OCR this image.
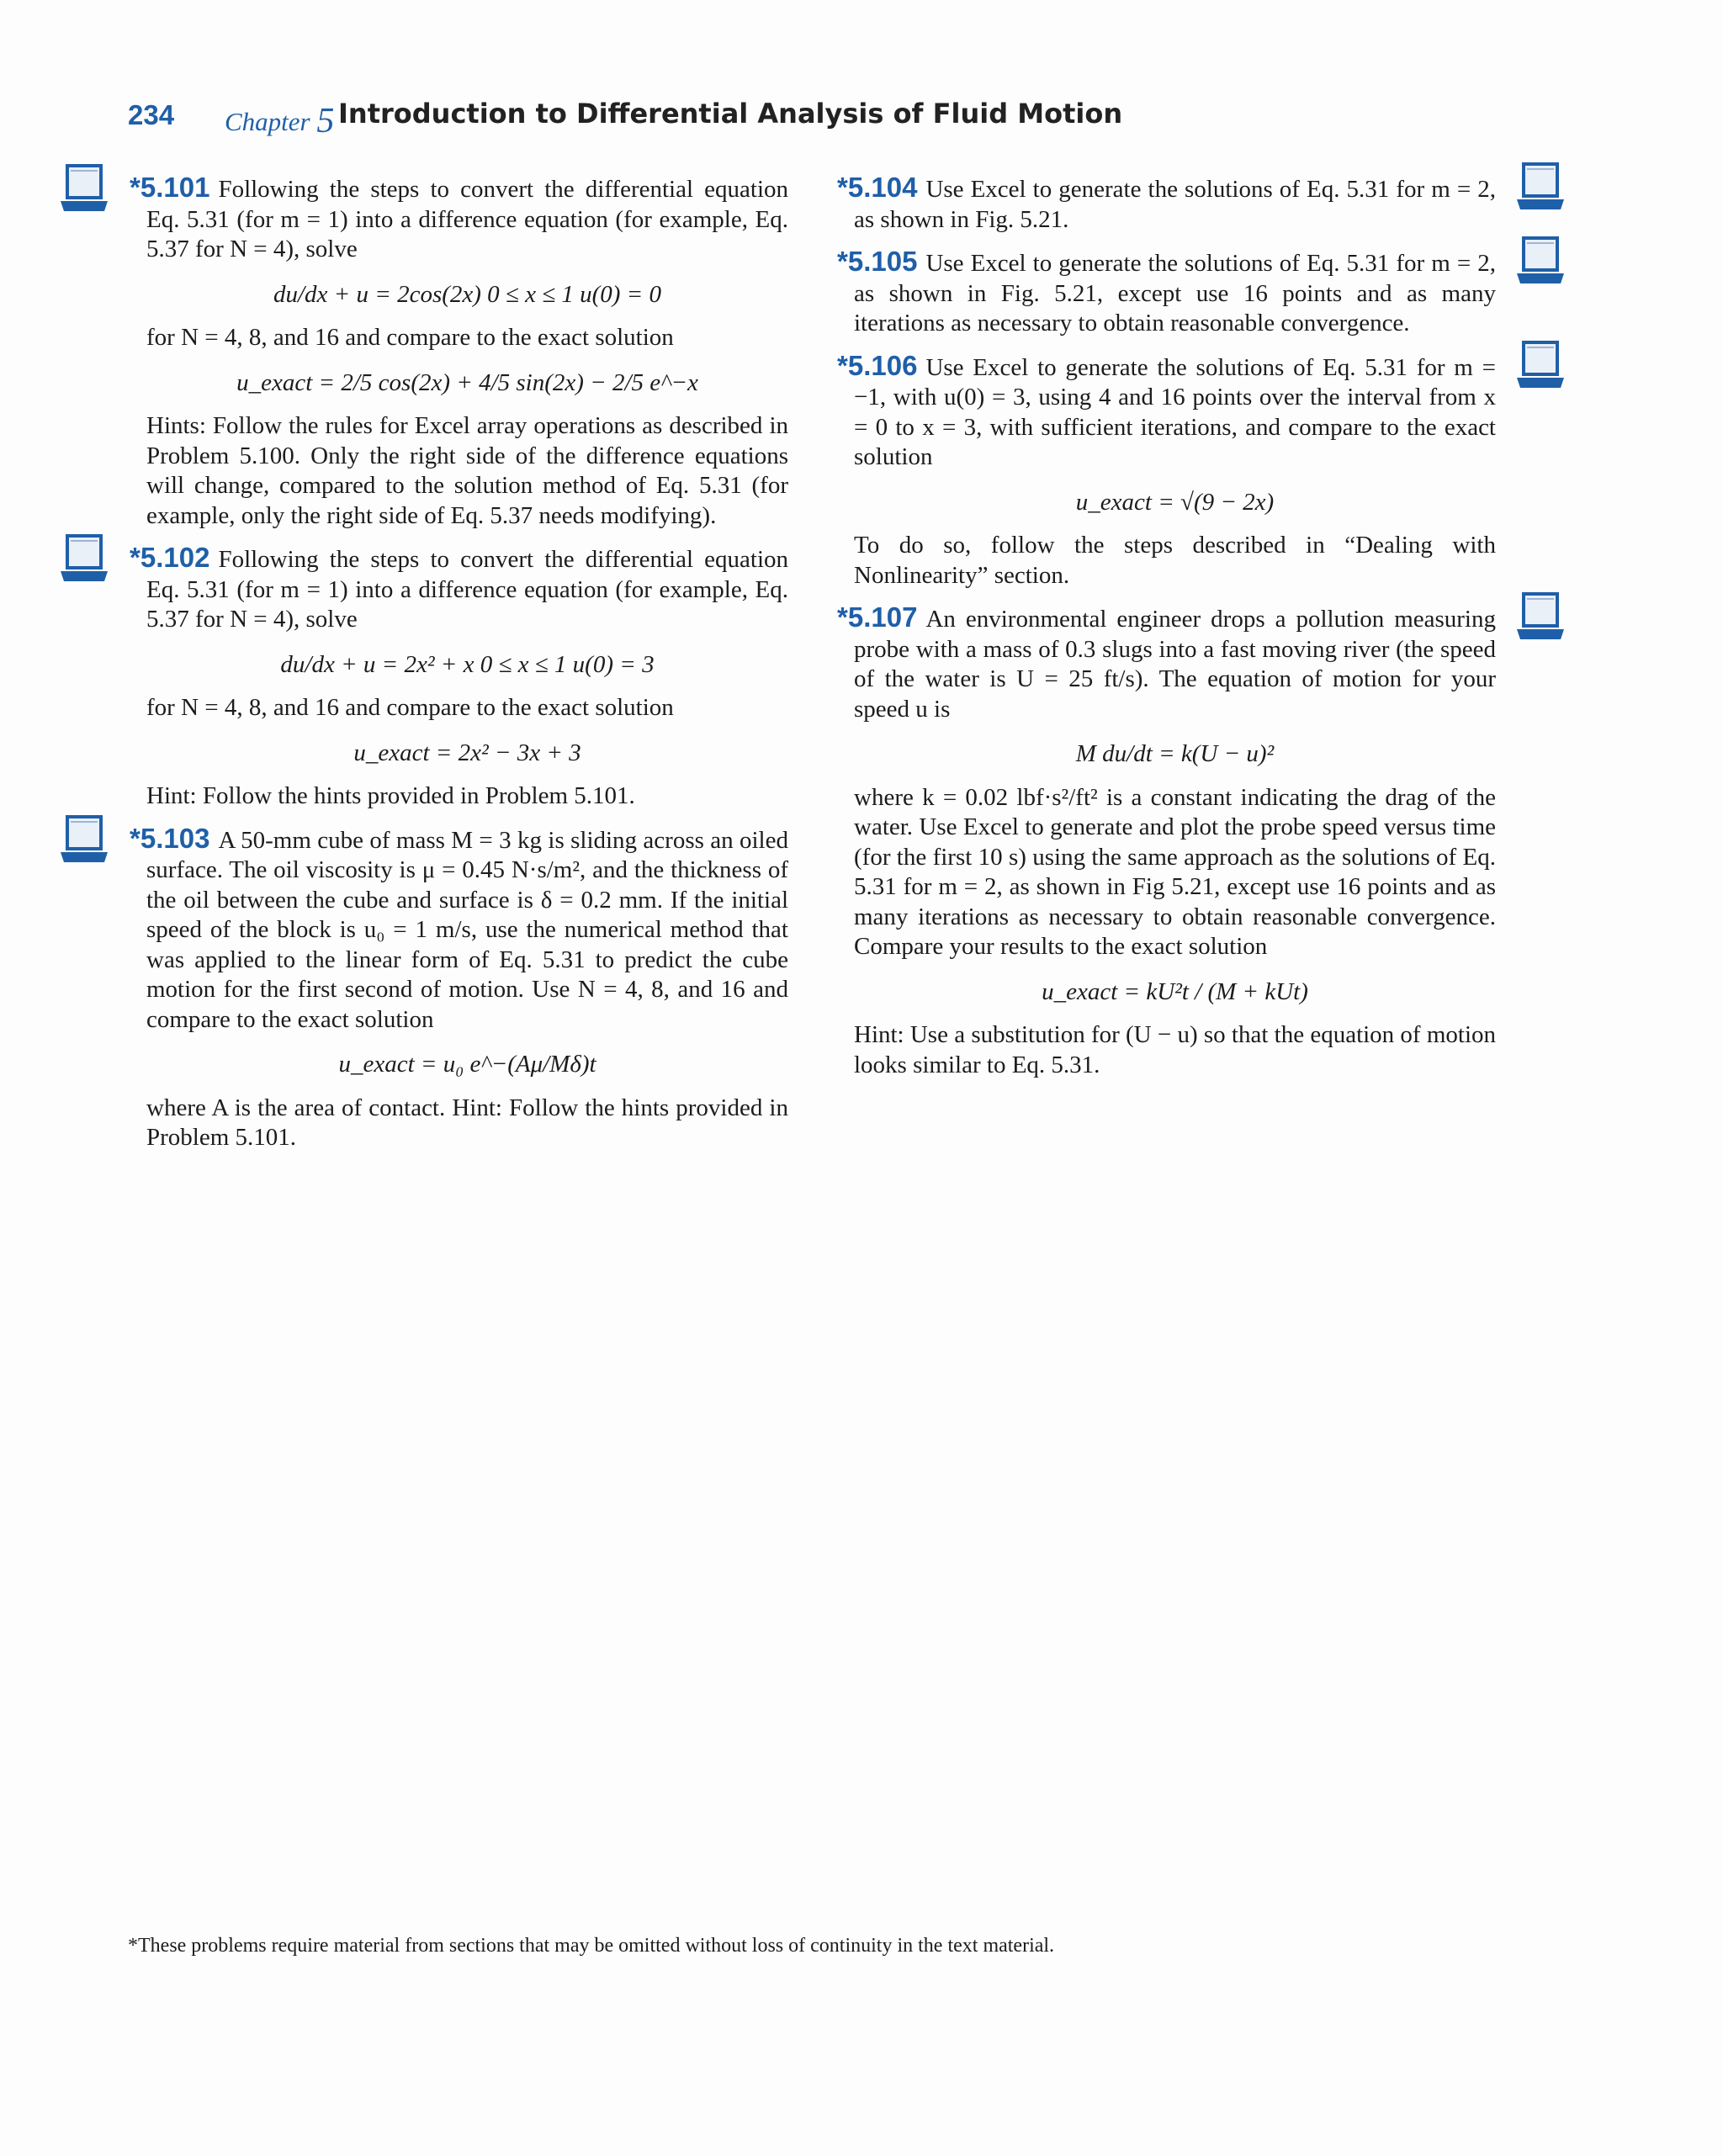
234 Chapter 5 Introduction to Differential Analysis of Fluid Motion

*5.101 Following the steps to convert the differential equation Eq. 5.31 (for m = 1) into a difference equation (for example, Eq. 5.37 for N = 4), solve

du/dx + u = 2cos(2x) 0 ≤ x ≤ 1 u(0) = 0

for N = 4, 8, and 16 and compare to the exact solution

u_exact = 2/5 cos(2x) + 4/5 sin(2x) − 2/5 e^−x

Hints: Follow the rules for Excel array operations as described in Problem 5.100. Only the right side of the difference equations will change, compared to the solution method of Eq. 5.31 (for example, only the right side of Eq. 5.37 needs modifying).

*5.102 Following the steps to convert the differential equation Eq. 5.31 (for m = 1) into a difference equation (for example, Eq. 5.37 for N = 4), solve

du/dx + u = 2x² + x 0 ≤ x ≤ 1 u(0) = 3

for N = 4, 8, and 16 and compare to the exact solution

u_exact = 2x² − 3x + 3

Hint: Follow the hints provided in Problem 5.101.

*5.103 A 50-mm cube of mass M = 3 kg is sliding across an oiled surface. The oil viscosity is μ = 0.45 N·s/m², and the thickness of the oil between the cube and surface is δ = 0.2 mm. If the initial speed of the block is u₀ = 1 m/s, use the numerical method that was applied to the linear form of Eq. 5.31 to predict the cube motion for the first second of motion. Use N = 4, 8, and 16 and compare to the exact solution

u_exact = u₀ e^−(Aμ/Mδ)t

where A is the area of contact. Hint: Follow the hints provided in Problem 5.101.

*5.104 Use Excel to generate the solutions of Eq. 5.31 for m = 2, as shown in Fig. 5.21.

*5.105 Use Excel to generate the solutions of Eq. 5.31 for m = 2, as shown in Fig. 5.21, except use 16 points and as many iterations as necessary to obtain reasonable convergence.

*5.106 Use Excel to generate the solutions of Eq. 5.31 for m = −1, with u(0) = 3, using 4 and 16 points over the interval from x = 0 to x = 3, with sufficient iterations, and compare to the exact solution

u_exact = √(9 − 2x)

To do so, follow the steps described in “Dealing with Nonlinearity” section.

*5.107 An environmental engineer drops a pollution measuring probe with a mass of 0.3 slugs into a fast moving river (the speed of the water is U = 25 ft/s). The equation of motion for your speed u is

M du/dt = k(U − u)²

where k = 0.02 lbf·s²/ft² is a constant indicating the drag of the water. Use Excel to generate and plot the probe speed versus time (for the first 10 s) using the same approach as the solutions of Eq. 5.31 for m = 2, as shown in Fig 5.21, except use 16 points and as many iterations as necessary to obtain reasonable convergence. Compare your results to the exact solution

u_exact = kU²t / (M + kUt)

Hint: Use a substitution for (U − u) so that the equation of motion looks similar to Eq. 5.31.

*These problems require material from sections that may be omitted without loss of continuity in the text material.
